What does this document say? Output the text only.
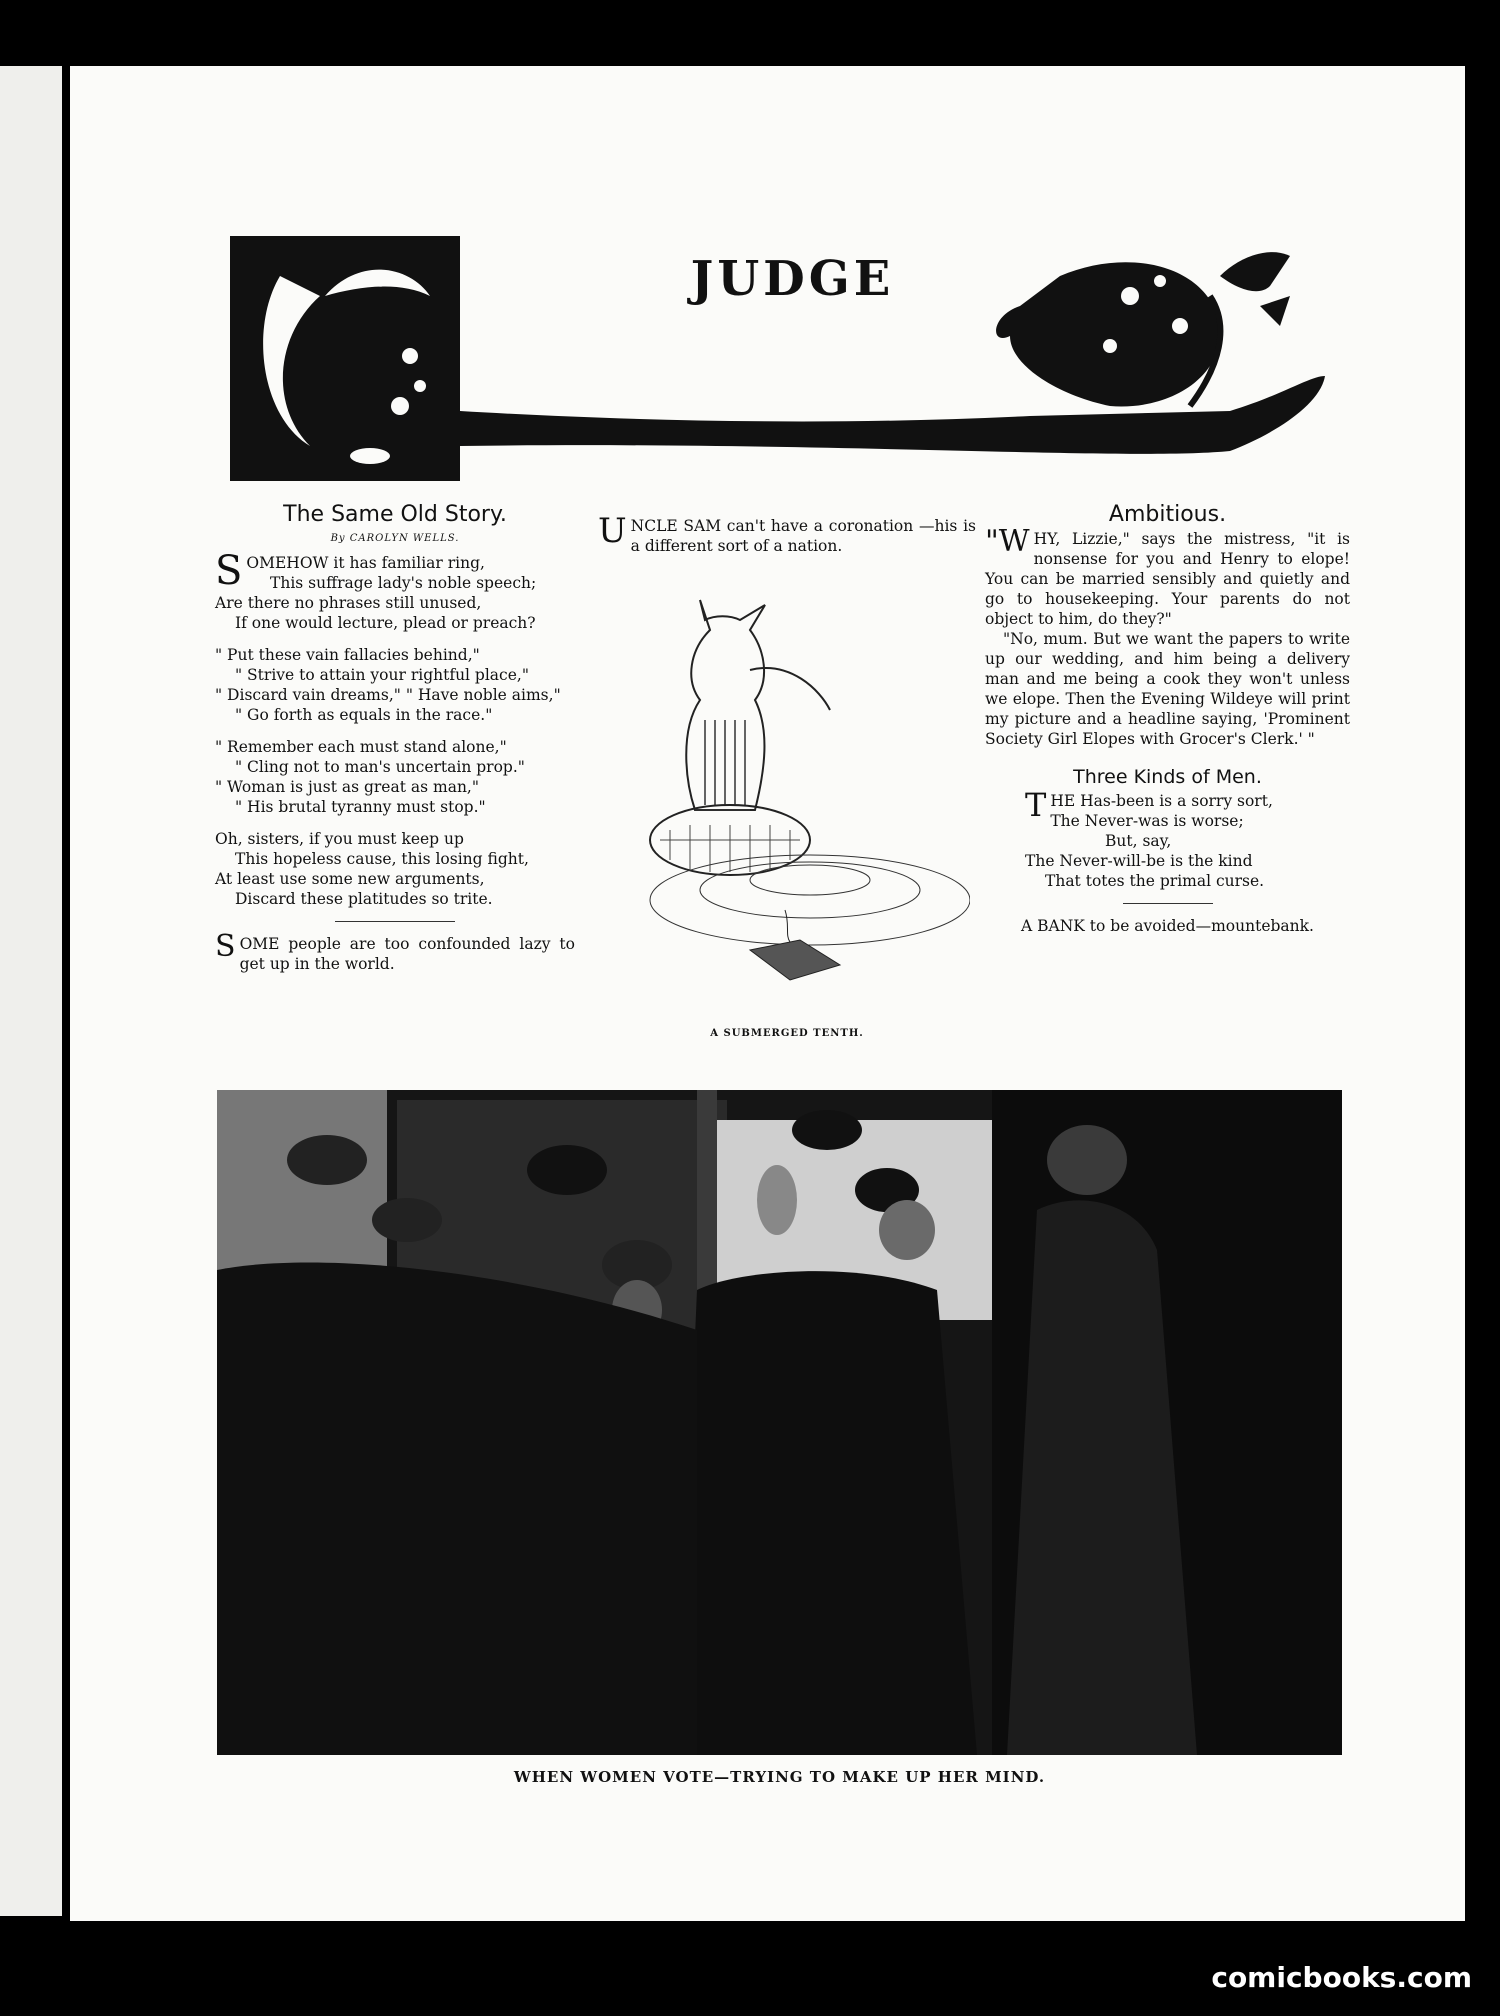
JUDGE
The Same Old Story.
By CAROLYN WELLS.
S OMEHOW it has familiar ring,

This suffrage lady's noble speech;

Are there no phrases still unused,

If one would lecture, plead or preach?

" Put these vain fallacies behind,"

" Strive to attain your rightful place,"

" Discard vain dreams," " Have noble aims,"

" Go forth as equals in the race."

" Remember each must stand alone,"

" Cling not to man's uncertain prop."

" Woman is just as great as man,"

" His brutal tyranny must stop."

Oh, sisters, if you must keep up

This hopeless cause, this losing fight,

At least use some new arguments,

Discard these platitudes so trite.

SOME people are too confounded lazy to get up in the world.

UNCLE SAM can't have a coronation —his is a different sort of a nation.

A SUBMERGED TENTH.
Ambitious.

"WHY, Lizzie," says the mistress, "it is nonsense for you and Henry to elope! You can be married sensibly and quietly and go to housekeeping. Your parents do not object to him, do they?"

"No, mum. But we want the papers to write up our wedding, and him being a delivery man and me being a cook they won't unless we elope. Then the Evening Wildeye will print my picture and a headline saying, 'Prominent Society Girl Elopes with Grocer's Clerk.' "

Three Kinds of Men.
T HE Has-been is a sorry sort,

The Never-was is worse;

But, say,

The Never-will-be is the kind

That totes the primal curse.

A BANK to be avoided—mountebank.

WHEN WOMEN VOTE—TRYING TO MAKE UP HER MIND.
comicbooks.com
